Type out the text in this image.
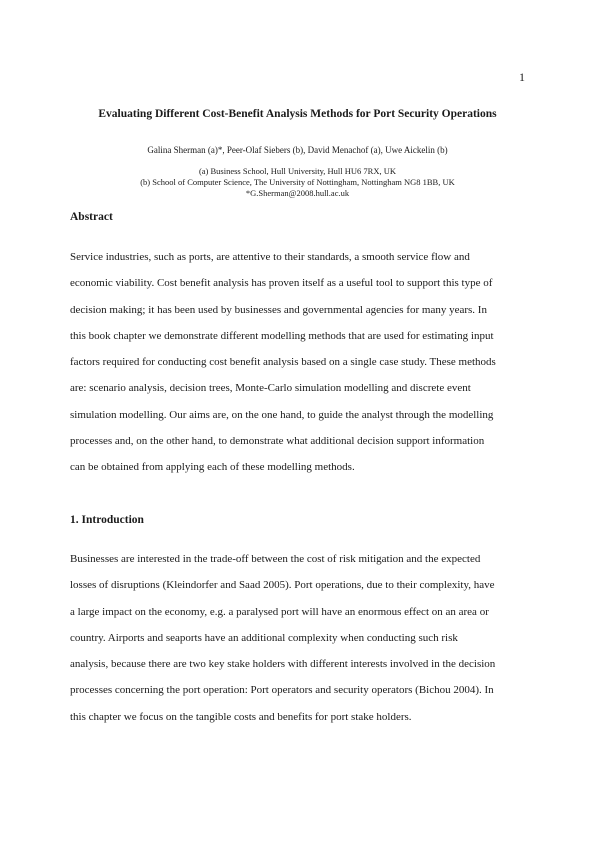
1
Evaluating Different Cost-Benefit Analysis Methods for Port Security Operations
Galina Sherman (a)*, Peer-Olaf Siebers (b), David Menachof (a), Uwe Aickelin (b)
(a) Business School, Hull University, Hull HU6 7RX, UK
(b) School of Computer Science, The University of Nottingham, Nottingham NG8 1BB, UK
*G.Sherman@2008.hull.ac.uk
Abstract
Service industries, such as ports, are attentive to their standards, a smooth service flow and
economic viability. Cost benefit analysis has proven itself as a useful tool to support this type of
decision making; it has been used by businesses and governmental agencies for many years. In
this book chapter we demonstrate different modelling methods that are used for estimating input
factors required for conducting cost benefit analysis based on a single case study. These methods
are: scenario analysis, decision trees, Monte-Carlo simulation modelling and discrete event
simulation modelling. Our aims are, on the one hand, to guide the analyst through the modelling
processes and, on the other hand, to demonstrate what additional decision support information
can be obtained from applying each of these modelling methods.
1. Introduction
Businesses are interested in the trade-off between the cost of risk mitigation and the expected
losses of disruptions (Kleindorfer and Saad 2005). Port operations, due to their complexity, have
a large impact on the economy, e.g. a paralysed port will have an enormous effect on an area or
country. Airports and seaports have an additional complexity when conducting such risk
analysis, because there are two key stake holders with different interests involved in the decision
processes concerning the port operation: Port operators and security operators (Bichou 2004). In
this chapter we focus on the tangible costs and benefits for port stake holders.
